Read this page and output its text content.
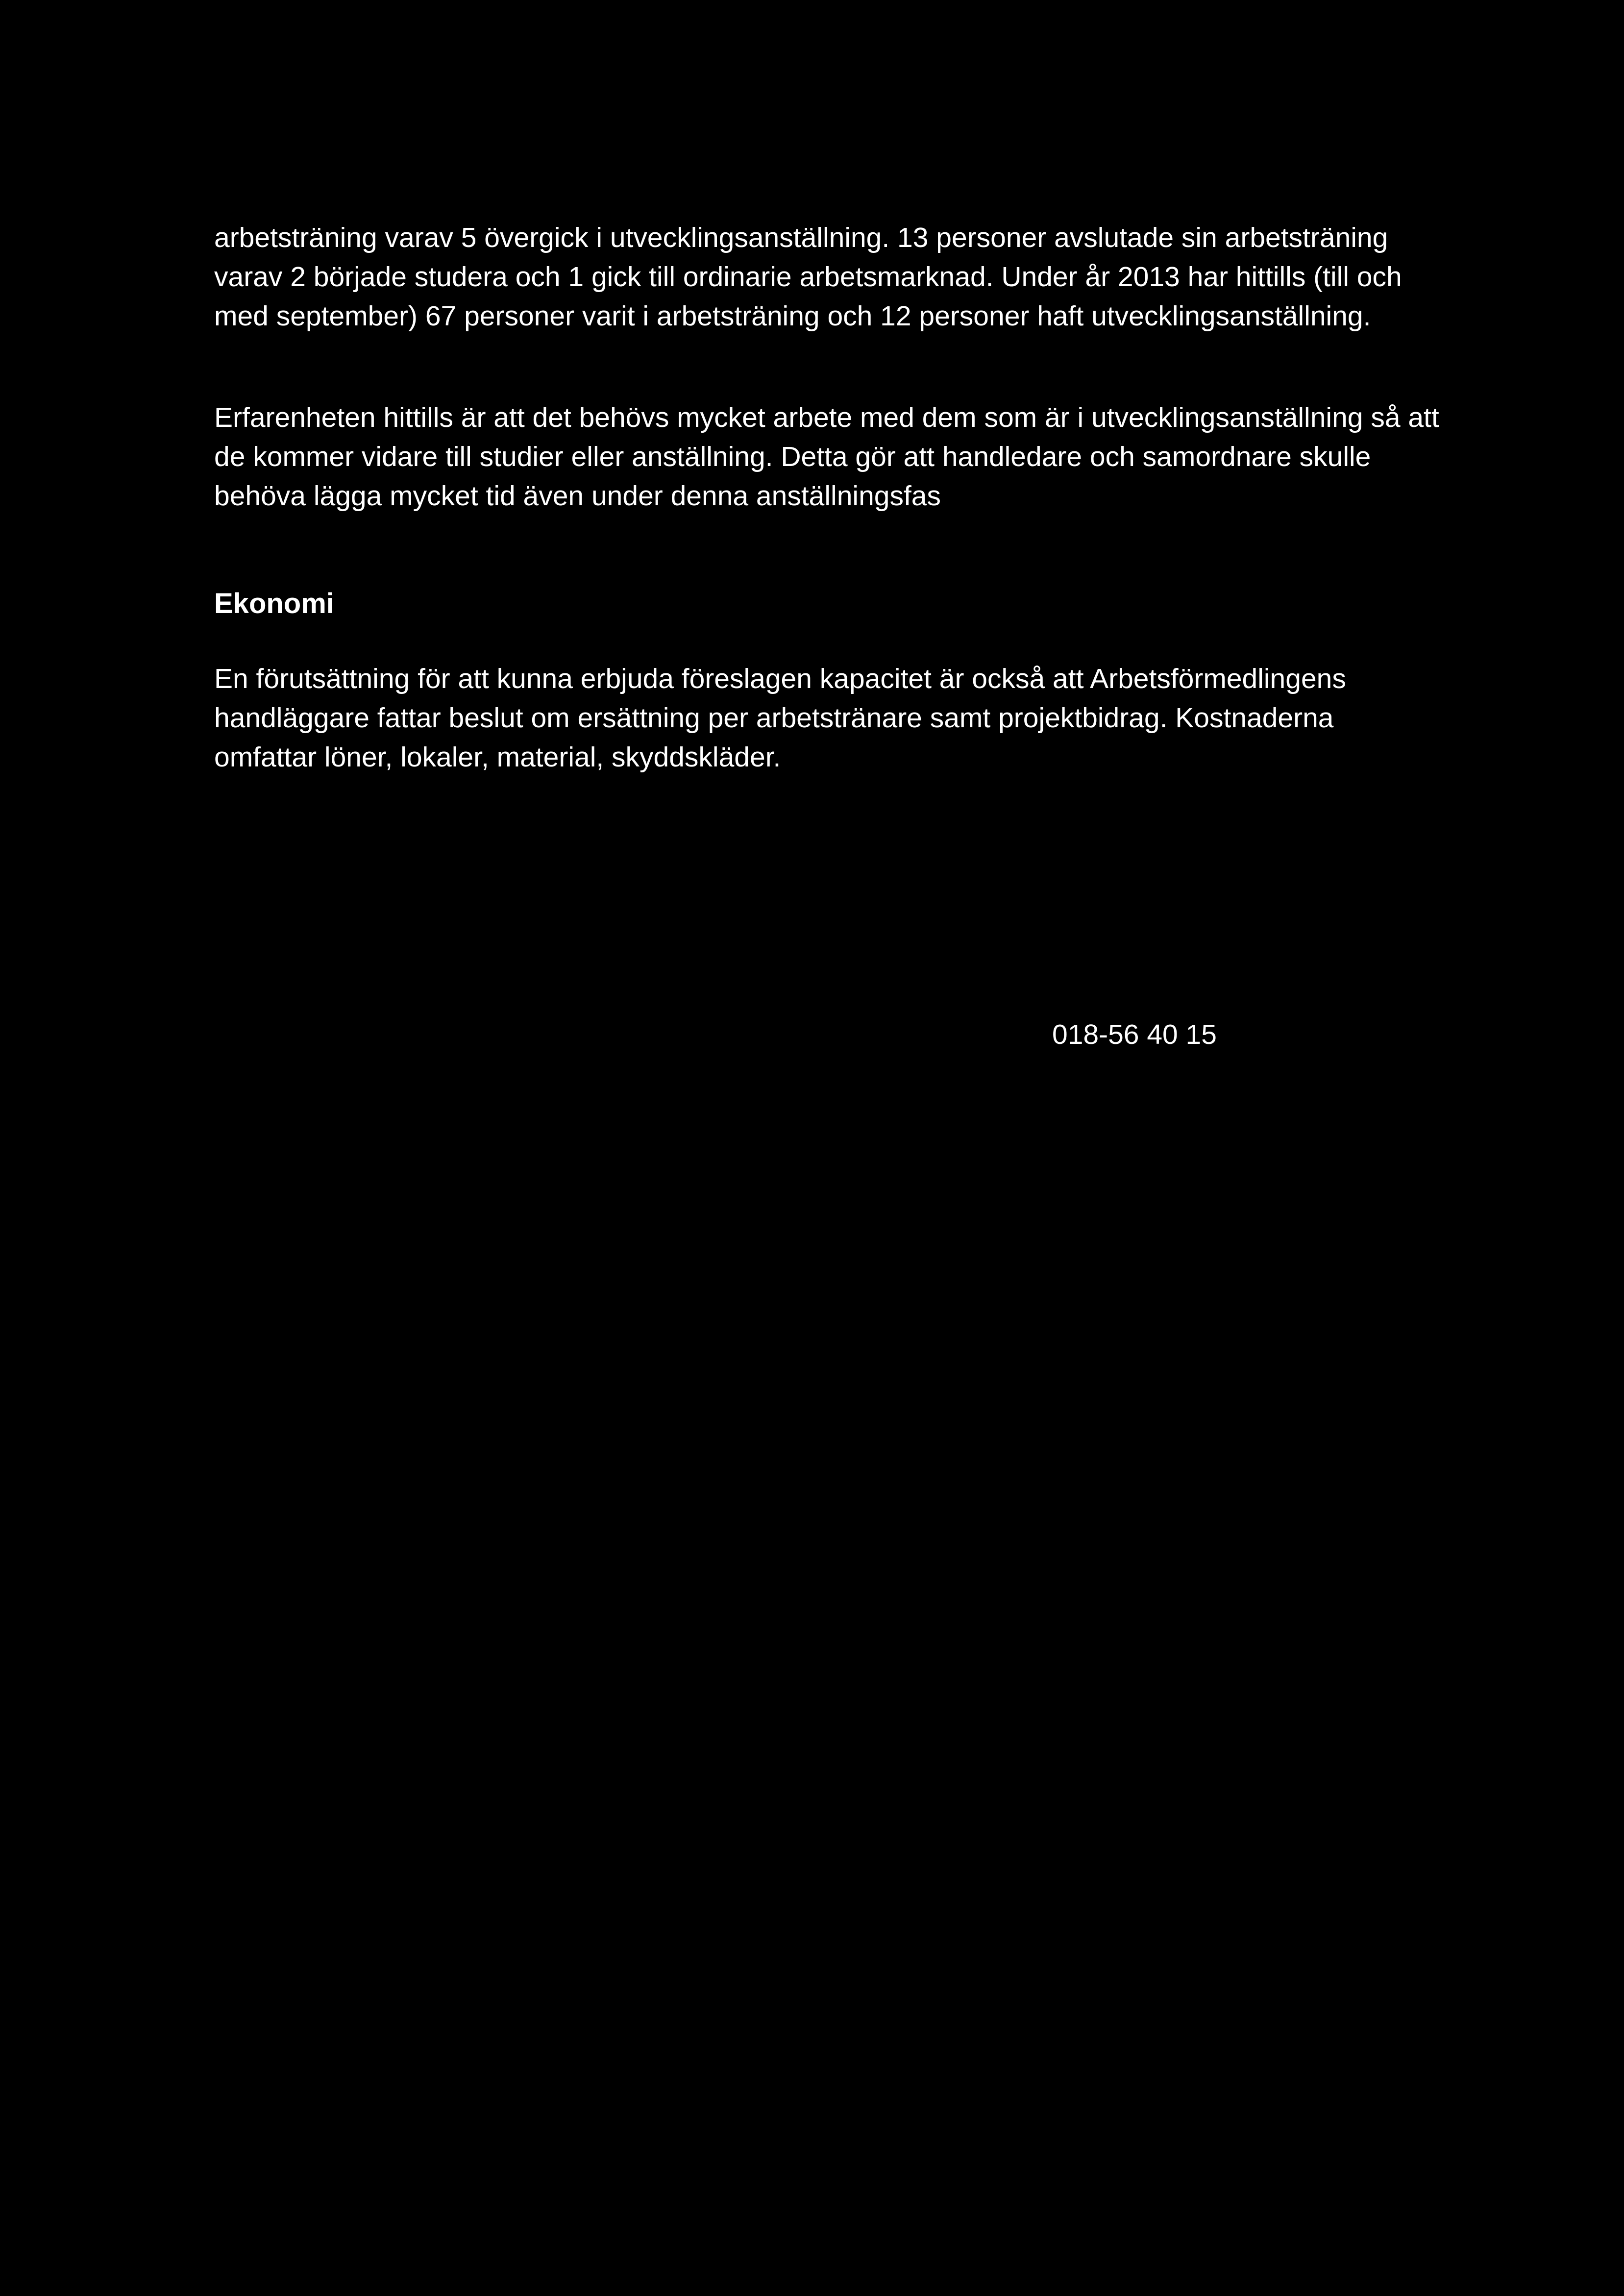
arbetsträning varav 5 övergick i utvecklingsanställning. 13 personer avslutade sin arbetsträning varav 2 började studera och 1 gick till ordinarie arbetsmarknad. Under år 2013 har hittills (till och med september) 67 personer varit i arbetsträning och 12 personer haft utvecklingsanställning.

Erfarenheten hittills är att det behövs mycket arbete med dem som är i utvecklingsanställning så att de kommer vidare till studier eller anställning. Detta gör att handledare och samordnare skulle behöva lägga mycket tid även under denna anställningsfas

Ekonomi

En förutsättning för att kunna erbjuda föreslagen kapacitet är också att Arbetsförmedlingens handläggare fattar beslut om ersättning per arbetstränare samt projektbidrag. Kostnaderna omfattar löner, lokaler, material, skyddskläder.

018-56 40 15
